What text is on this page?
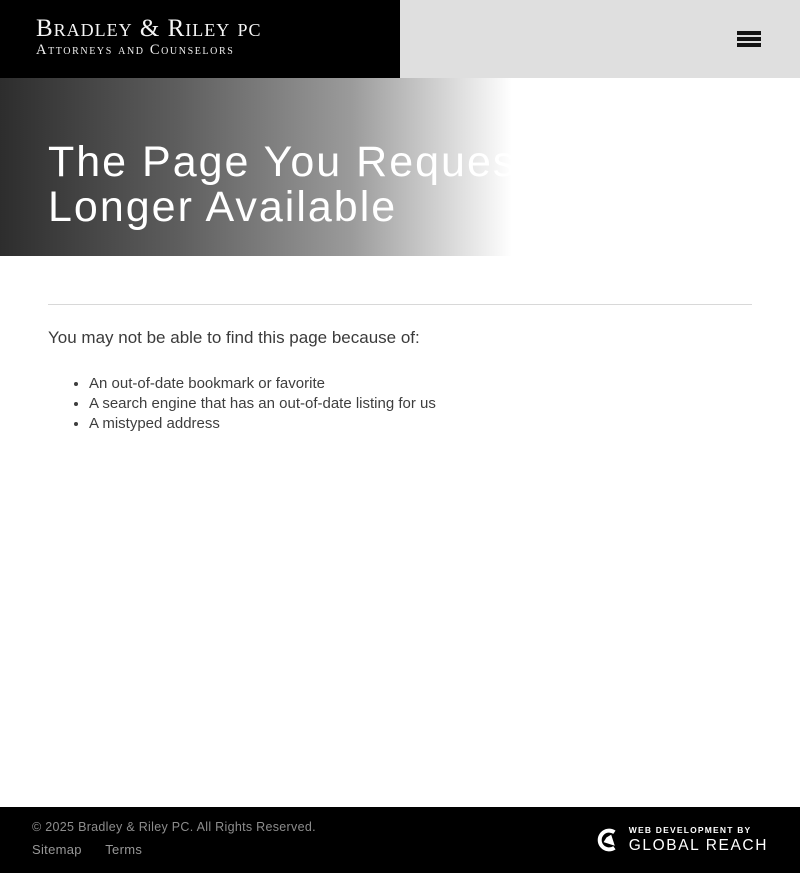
Bradley & Riley pc
Attorneys and Counselors
The Page You Requested Is No
Longer Available

You may not be able to find this page because of:

• An out-of-date bookmark or favorite
• A search engine that has an out-of-date listing for us
• A mistyped address

© 2025 Bradley & Riley PC. All Rights Reserved.

Sitemap Terms
WEB DEVELOPMENT BY
GLOBAL REACH
